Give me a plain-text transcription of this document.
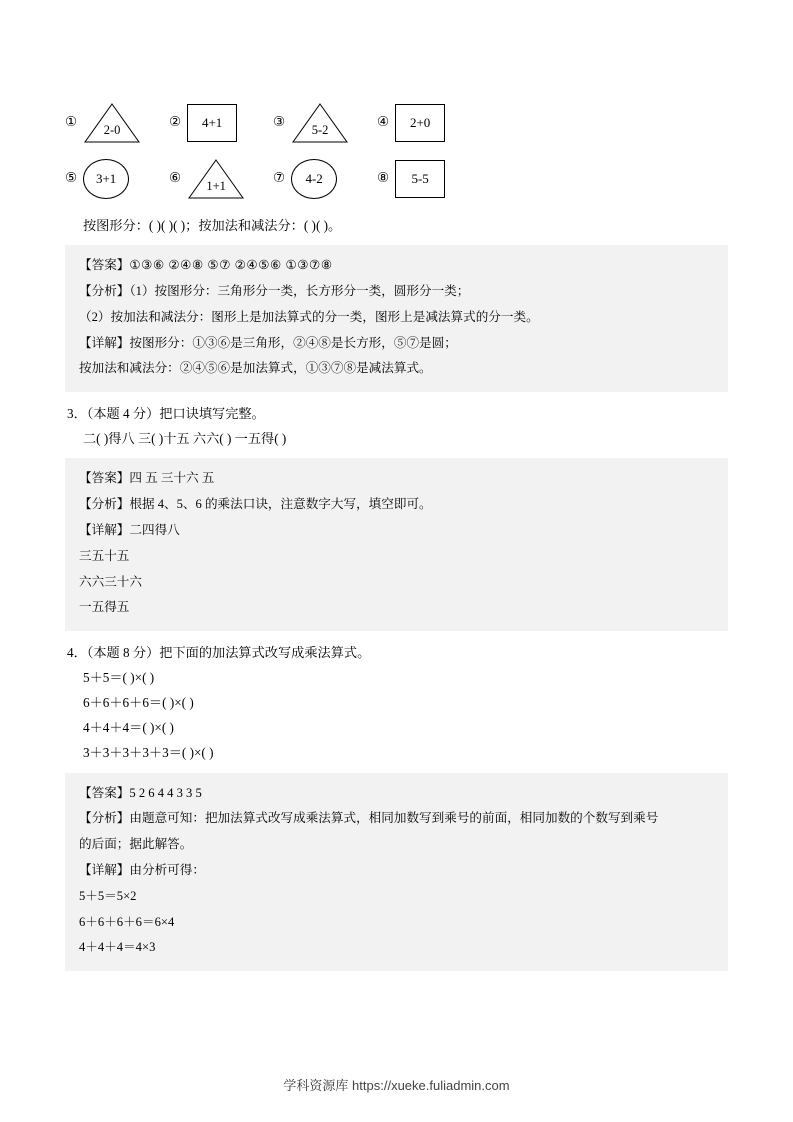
① 2-0	② 4+1	③ 5-2	④ 2+0
⑤ 3+1	⑥ 1+1	⑦ 4-2	⑧ 5-5

按图形分：( )( )( )；按加法和减法分：( )( )。

【答案】①③⑥ ②④⑧ ⑤⑦ ②④⑤⑥ ①③⑦⑧

【分析】（1）按图形分：三角形分一类，长方形分一类，圆形分一类；

（2）按加法和减法分：图形上是加法算式的分一类，图形上是减法算式的分一类。

【详解】按图形分：①③⑥是三角形，②④⑧是长方形，⑤⑦是圆；

按加法和减法分：②④⑤⑥是加法算式，①③⑦⑧是减法算式。

3．（本题 4 分）把口诀填写完整。

二( )得八 三( )十五 六六( ) 一五得( )

【答案】四 五 三十六 五

【分析】根据 4、5、6 的乘法口诀，注意数字大写，填空即可。

【详解】二四得八

三五十五

六六三十六

一五得五

4．（本题 8 分）把下面的加法算式改写成乘法算式。

5＋5＝( )×( )

6＋6＋6＋6＝( )×( )

4＋4＋4＝( )×( )

3＋3＋3＋3＋3＝( )×( )

【答案】5 2 6 4 4 3 3 5

【分析】由题意可知：把加法算式改写成乘法算式，相同加数写到乘号的前面，相同加数的个数写到乘号

的后面；据此解答。

【详解】由分析可得：

5＋5＝5×2

6＋6＋6＋6＝6×4

4＋4＋4＝4×3

学科资源库 https://xueke.fuliadmin.com
